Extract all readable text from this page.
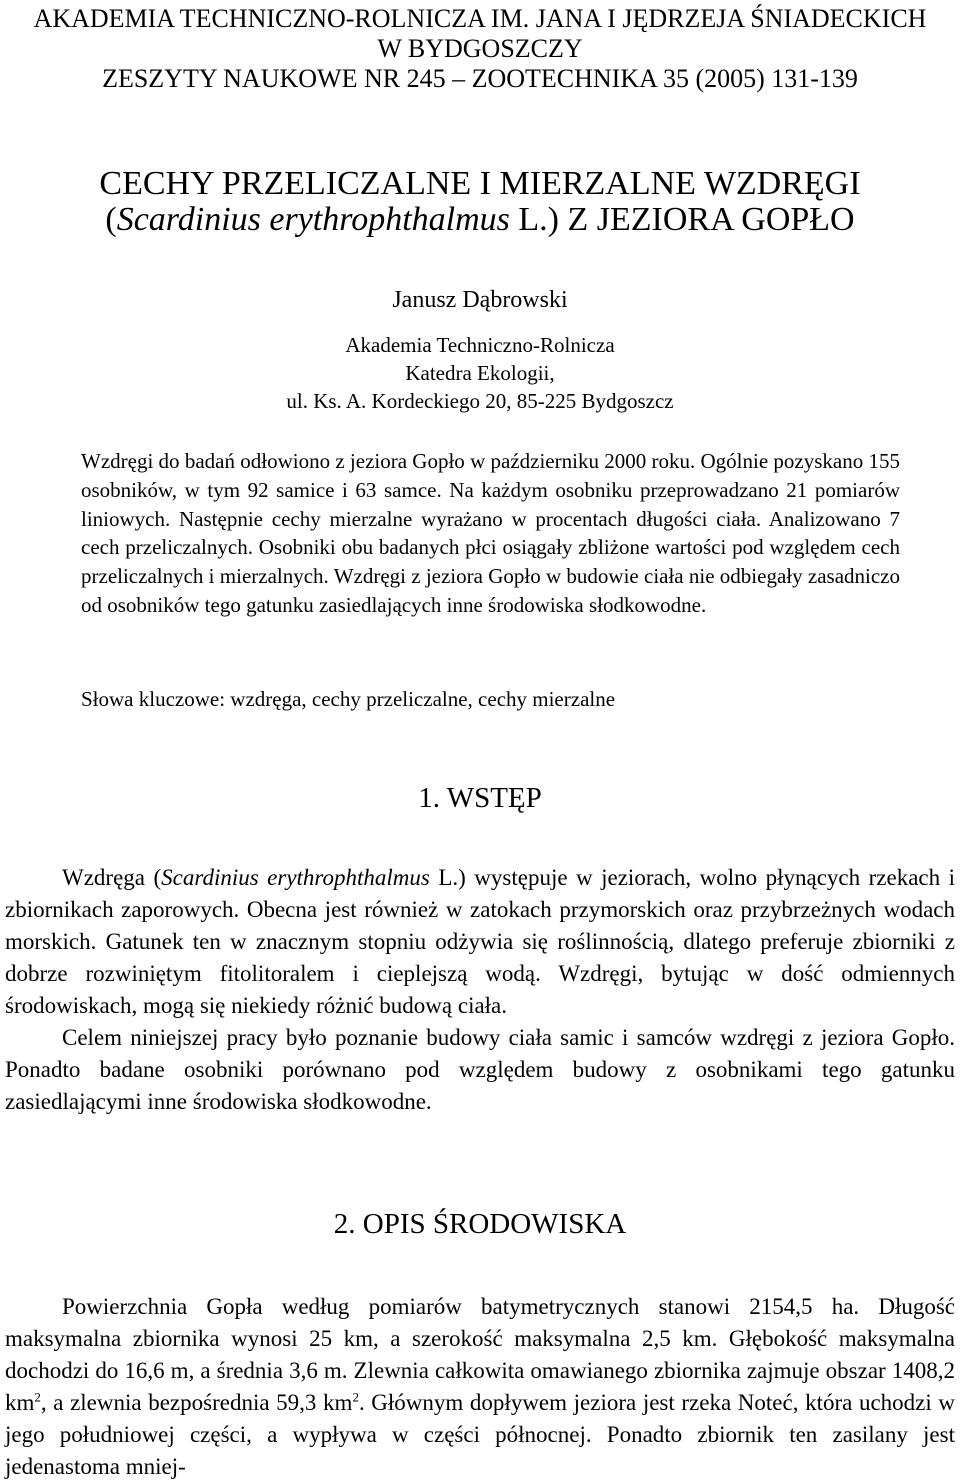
AKADEMIA TECHNICZNO-ROLNICZA IM. JANA I JĘDRZEJA ŚNIADECKICH
W BYDGOSZCZY
ZESZYTY NAUKOWE NR 245 – ZOOTECHNIKA 35 (2005) 131-139
CECHY PRZELICZALNE I MIERZALNE WZDRĘGI
(Scardinius erythrophthalmus L.) Z JEZIORA GOPŁO
Janusz Dąbrowski
Akademia Techniczno-Rolnicza
Katedra Ekologii,
ul. Ks. A. Kordeckiego 20, 85-225 Bydgoszcz
Wzdręgi do badań odłowiono z jeziora Gopło w październiku 2000 roku. Ogólnie pozyskano 155 osobników, w tym 92 samice i 63 samce. Na każdym osobniku przeprowadzano 21 pomiarów liniowych. Następnie cechy mierzalne wyrażano w procentach długości ciała. Analizowano 7 cech przeliczalnych. Osobniki obu badanych płci osiągały zbliżone wartości pod względem cech przeliczalnych i mierzalnych. Wzdręgi z jeziora Gopło w budowie ciała nie odbiegały zasadniczo od osobników tego gatunku zasiedlających inne środowiska słodkowodne.
Słowa kluczowe: wzdręga, cechy przeliczalne, cechy mierzalne
1. WSTĘP

Wzdręga (Scardinius erythrophthalmus L.) występuje w jeziorach, wolno płynących rzekach i zbiornikach zaporowych. Obecna jest również w zatokach przymorskich oraz przybrzeżnych wodach morskich. Gatunek ten w znacznym stopniu odżywia się roślinnością, dlatego preferuje zbiorniki z dobrze rozwiniętym fitolitoralem i cieplejszą wodą. Wzdręgi, bytując w dość odmiennych środowiskach, mogą się niekiedy różnić budową ciała.

Celem niniejszej pracy było poznanie budowy ciała samic i samców wzdręgi z jeziora Gopło. Ponadto badane osobniki porównano pod względem budowy z osobnikami tego gatunku zasiedlającymi inne środowiska słodkowodne.

2. OPIS ŚRODOWISKA

Powierzchnia Gopła według pomiarów batymetrycznych stanowi 2154,5 ha. Długość maksymalna zbiornika wynosi 25 km, a szerokość maksymalna 2,5 km. Głębokość maksymalna dochodzi do 16,6 m, a średnia 3,6 m. Zlewnia całkowita omawianego zbiornika zajmuje obszar 1408,2 $km^2$, a zlewnia bezpośrednia 59,3 $km^2$. Głównym dopływem jeziora jest rzeka Noteć, która uchodzi w jego południowej części, a wypływa w części północnej. Ponadto zbiornik ten zasilany jest jedenastoma mniej-
